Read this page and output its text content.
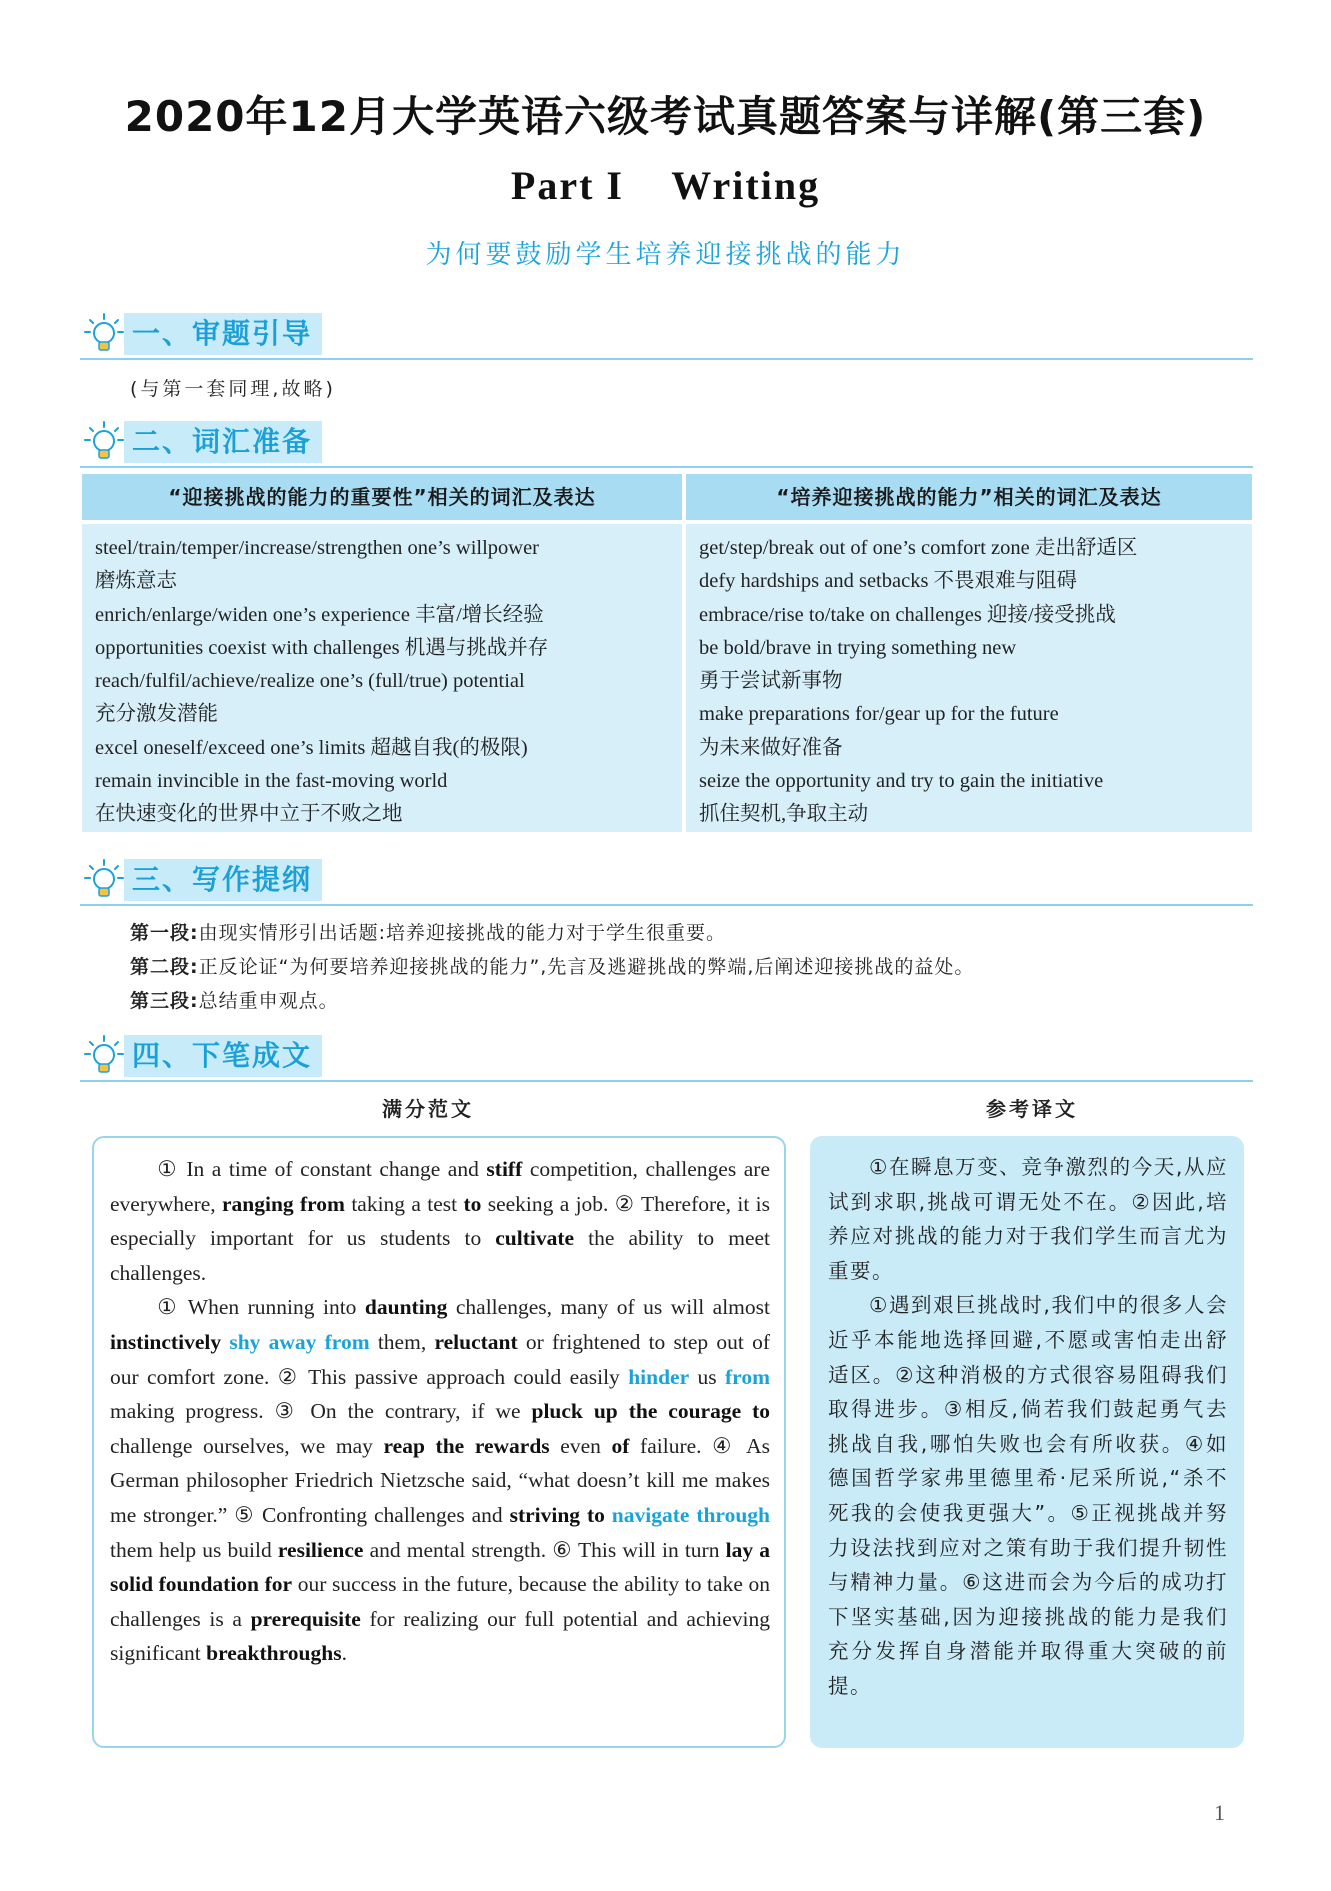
2020年12月大学英语六级考试真题答案与详解(第三套)
Part I    Writing
为何要鼓励学生培养迎接挑战的能力
一、审题引导
(与第一套同理,故略)
二、词汇准备
“迎接挑战的能力的重要性”相关的词汇及表达
steel/train/temper/increase/strengthen one’s willpower
磨炼意志
enrich/enlarge/widen one’s experience 丰富/增长经验
opportunities coexist with challenges 机遇与挑战并存
reach/fulfil/achieve/realize one’s (full/true) potential
充分激发潜能
excel oneself/exceed one’s limits 超越自我(的极限)
remain invincible in the fast-moving world
在快速变化的世界中立于不败之地
“培养迎接挑战的能力”相关的词汇及表达
get/step/break out of one’s comfort zone 走出舒适区
defy hardships and setbacks 不畏艰难与阻碍
embrace/rise to/take on challenges 迎接/接受挑战
be bold/brave in trying something new
勇于尝试新事物
make preparations for/gear up for the future
为未来做好准备
seize the opportunity and try to gain the initiative
抓住契机,争取主动
三、写作提纲
第一段:由现实情形引出话题:培养迎接挑战的能力对于学生很重要。
第二段:正反论证“为何要培养迎接挑战的能力”,先言及逃避挑战的弊端,后阐述迎接挑战的益处。
第三段:总结重申观点。
四、下笔成文
满分范文	参考译文

① In a time of constant change and stiff competition, challenges are everywhere, ranging from taking a test to seeking a job. ② Therefore, it is especially important for us students to cultivate the ability to meet challenges.

① When running into daunting challenges, many of us will almost instinctively shy away from them, reluctant or frightened to step out of our comfort zone. ② This passive approach could easily hinder us from making progress. ③ On the contrary, if we pluck up the courage to challenge ourselves, we may reap the rewards even of failure. ④ As German philosopher Friedrich Nietzsche said, “what doesn’t kill me makes me stronger.” ⑤ Confronting challenges and striving to navigate through them help us build resilience and mental strength. ⑥ This will in turn lay a solid foundation for our success in the future, because the ability to take on challenges is a prerequisite for realizing our full potential and achieving significant breakthroughs.

①在瞬息万变、竞争激烈的今天,从应试到求职,挑战可谓无处不在。②因此,培养应对挑战的能力对于我们学生而言尤为重要。

①遇到艰巨挑战时,我们中的很多人会近乎本能地选择回避,不愿或害怕走出舒适区。②这种消极的方式很容易阻碍我们取得进步。③相反,倘若我们鼓起勇气去挑战自我,哪怕失败也会有所收获。④如德国哲学家弗里德里希·尼采所说,“杀不死我的会使我更强大”。⑤正视挑战并努力设法找到应对之策有助于我们提升韧性与精神力量。⑥这进而会为今后的成功打下坚实基础,因为迎接挑战的能力是我们充分发挥自身潜能并取得重大突破的前提。

1
